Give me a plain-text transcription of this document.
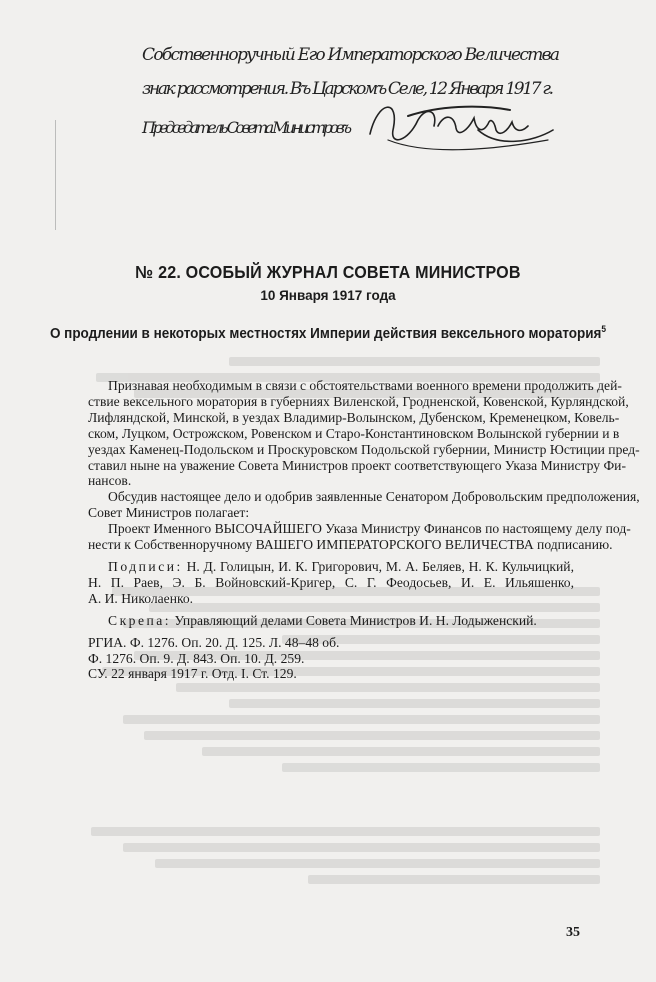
Собственноручный Его Императорского Величества
знак рассмотрения. Въ Царскомъ Селе, 12 Января 1917 г.
Председатель Совета Министровъ
№ 22. ОСОБЫЙ ЖУРНАЛ СОВЕТА МИНИСТРОВ
10 Января 1917 года
О продлении в некоторых местностях Империи действия вексельного моратория$^5$
Признавая необходимым в связи с обстоятельствами военного времени продолжить дей-
ствие вексельного моратория в губерниях Виленской, Гродненской, Ковенской, Курляндской,
Лифляндской, Минской, в уездах Владимир-Волынском, Дубенском, Кременецком, Ковель-
ском, Луцком, Острожском, Ровенском и Старо-Константиновском Волынской губернии и в
уездах Каменец-Подольском и Проскуровском Подольской губернии, Министр Юстиции пред-
ставил ныне на уважение Совета Министров проект соответствующего Указа Министру Фи-
нансов.
Обсудив настоящее дело и одобрив заявленные Сенатором Добровольским предположения,
Совет Министров полагает:
Проект Именного ВЫСОЧАЙШЕГО Указа Министру Финансов по настоящему делу под-
нести к Собственноручному ВАШЕГО ИМПЕРАТОРСКОГО ВЕЛИЧЕСТВА подписанию.
Подписи: Н. Д. Голицын, И. К. Григорович, М. А. Беляев, Н. К. Кульчицкий,
Н. П. Раев, Э. Б. Войновский-Кригер, С. Г. Феодосьев, И. Е. Ильяшенко,
А. И. Николаенко.
Скрепа: Управляющий делами Совета Министров И. Н. Лодыженский.
РГИА. Ф. 1276. Оп. 20. Д. 125. Л. 48–48 об.
Ф. 1276. Оп. 9. Д. 843. Оп. 10. Д. 259.
СУ. 22 января 1917 г. Отд. I. Ст. 129.
35
